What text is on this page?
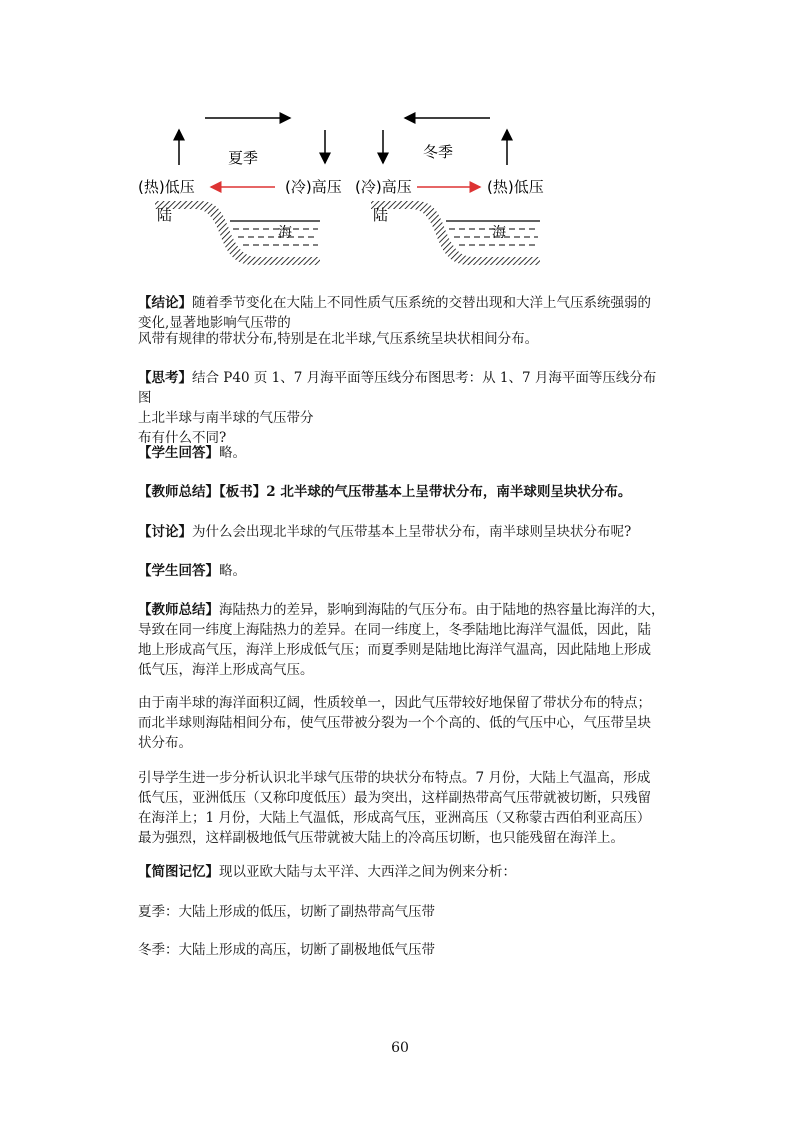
夏季
(热)低压	(冷)高压
陆
海
冬季
(冷)高压	(热)低压
陆
海
【结论】随着季节变化在大陆上不同性质气压系统的交替出现和大洋上气压系统强弱的
变化,显著地影响气压带的
风带有规律的带状分布,特别是在北半球,气压系统呈块状相间分布。
【思考】结合 P40 页 1、7 月海平面等压线分布图思考：从 1、7 月海平面等压线分布图
上北半球与南半球的气压带分
布有什么不同?
【学生回答】略。
【教师总结】【板书】2 北半球的气压带基本上呈带状分布，南半球则呈块状分布。
【讨论】为什么会出现北半球的气压带基本上呈带状分布，南半球则呈块状分布呢?
【学生回答】略。
【教师总结】海陆热力的差异，影响到海陆的气压分布。由于陆地的热容量比海洋的大，
导致在同一纬度上海陆热力的差异。在同一纬度上，冬季陆地比海洋气温低，因此，陆
地上形成高气压，海洋上形成低气压；而夏季则是陆地比海洋气温高，因此陆地上形成
低气压，海洋上形成高气压。
由于南半球的海洋面积辽阔，性质较单一，因此气压带较好地保留了带状分布的特点；
而北半球则海陆相间分布，使气压带被分裂为一个个高的、低的气压中心，气压带呈块
状分布。
引导学生进一步分析认识北半球气压带的块状分布特点。7 月份，大陆上气温高，形成
低气压，亚洲低压（又称印度低压）最为突出，这样副热带高气压带就被切断，只残留
在海洋上；1 月份，大陆上气温低，形成高气压，亚洲高压（又称蒙古西伯利亚高压）
最为强烈，这样副极地低气压带就被大陆上的冷高压切断，也只能残留在海洋上。
【简图记忆】现以亚欧大陆与太平洋、大西洋之间为例来分析：
夏季：大陆上形成的低压，切断了副热带高气压带
冬季：大陆上形成的高压，切断了副极地低气压带
60
